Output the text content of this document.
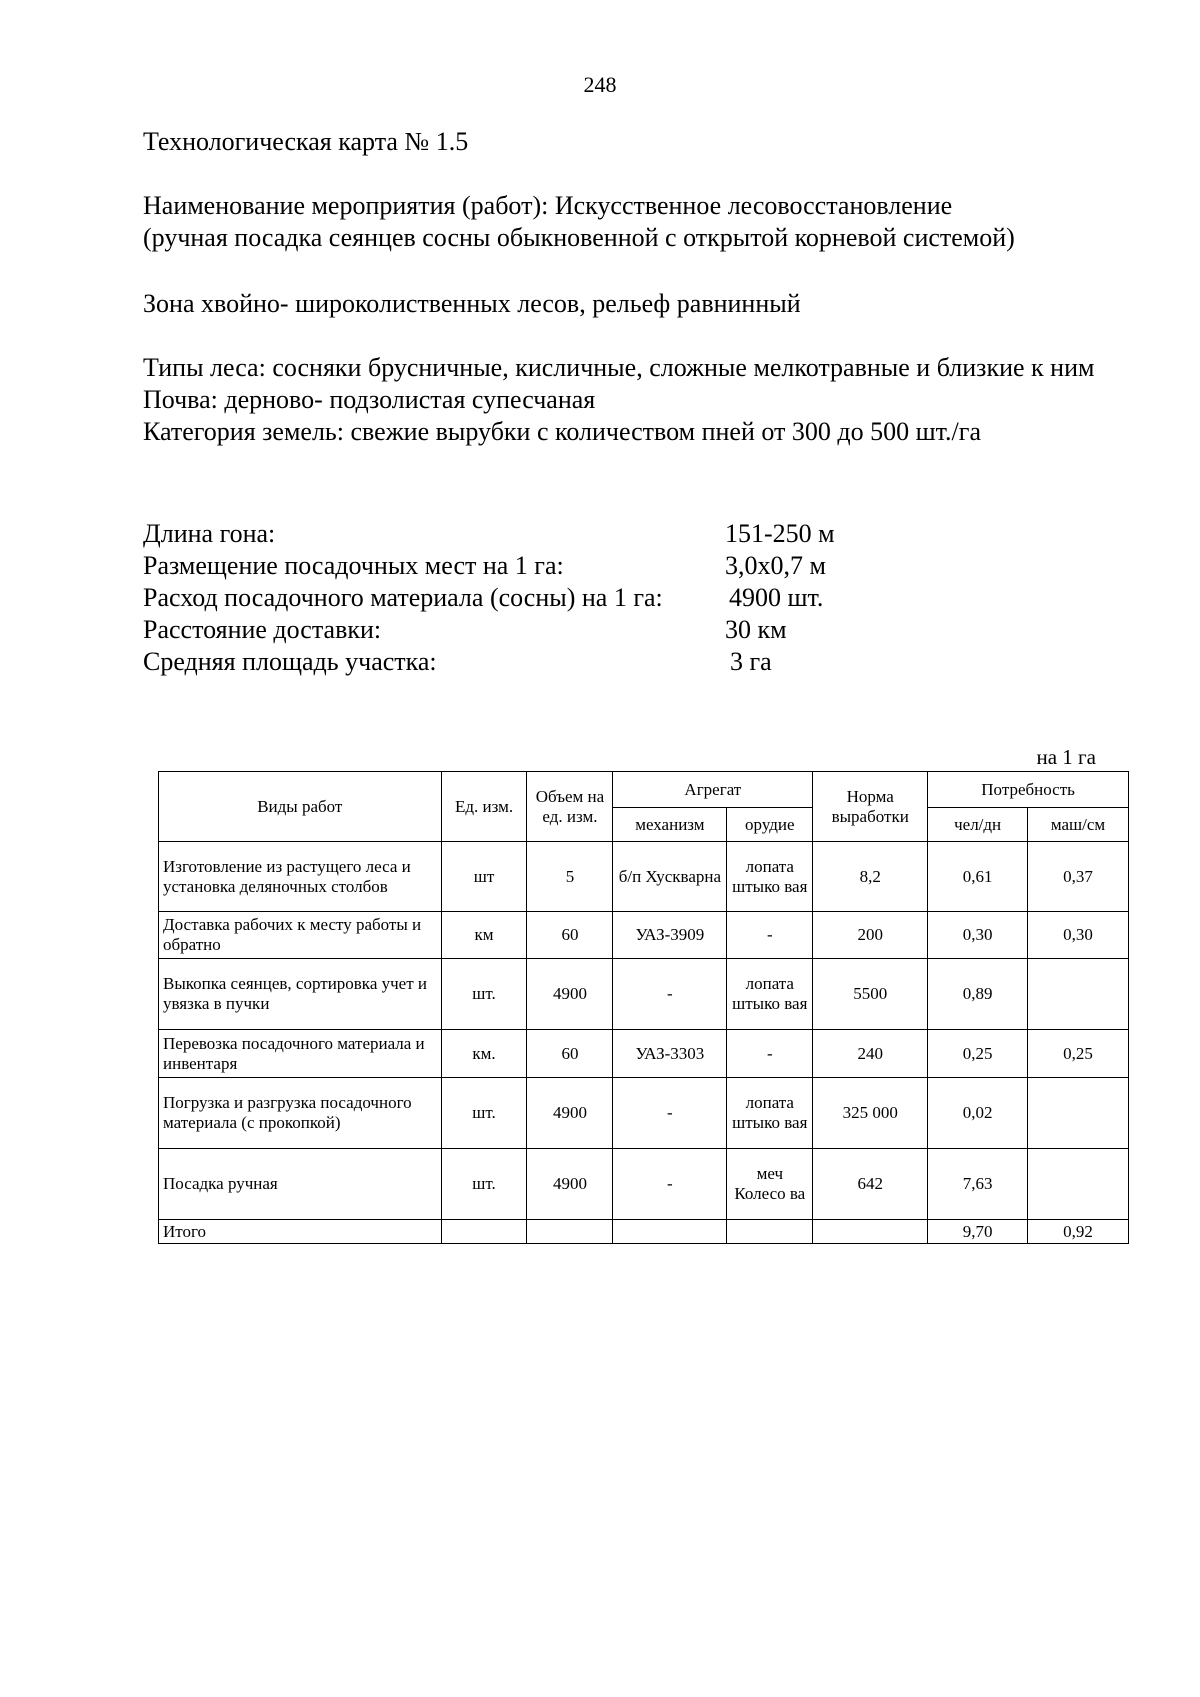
248
Технологическая карта № 1.5
Наименование мероприятия (работ): Искусственное лесовосстановление
(ручная посадка сеянцев сосны обыкновенной с открытой корневой системой)
Зона хвойно- широколиственных лесов, рельеф равнинный
Типы леса: сосняки брусничные, кисличные, сложные мелкотравные и близкие к ним
Почва: дерново- подзолистая супесчаная
Категория земель: свежие вырубки с количеством пней от 300 до 500 шт./га
Длина гона:	151-250 м
Размещение посадочных мест на 1 га:	3,0х0,7 м
Расход посадочного материала (сосны) на 1 га:	4900 шт.
Расстояние доставки:	30 км
Средняя площадь участка:	3 га
на 1 га
Виды работ	Ед. изм.	Объем на ед. изм.	Агрегат		Норма выработки	Потребность	
			механизм	орудие		чел/дн	маш/см
Изготовление из растущего леса и установка деляночных столбов	шт	5	б/п Хускварна	лопата штыко вая	8,2	0,61	0,37
Доставка рабочих к месту работы и обратно	км	60	УАЗ-3909	-	200	0,30	0,30
Выкопка сеянцев, сортировка учет и увязка в пучки	шт.	4900	-	лопата штыко вая	5500	0,89	
Перевозка посадочного материала и инвентаря	км.	60	УАЗ-3303	-	240	0,25	0,25
Погрузка и разгрузка посадочного материала (с прокопкой)	шт.	4900	-	лопата штыко вая	325 000	0,02	
Посадка ручная	шт.	4900	-	меч Колесо ва	642	7,63	
Итого						9,70	0,92
